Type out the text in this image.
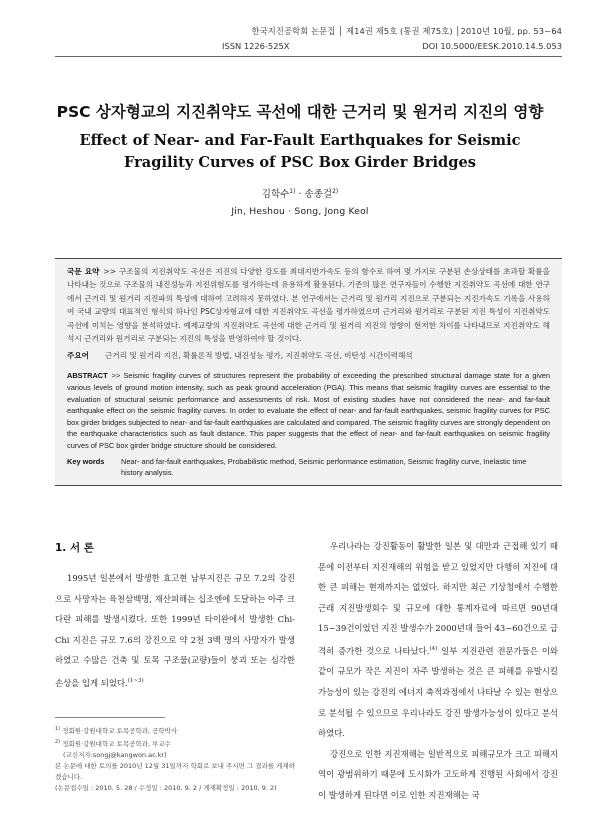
한국지진공학회 논문집 │ 제14권 제5호 (통권 제75호) │2010년 10월, pp. 53~64
ISSN 1226-525X	DOI 10.5000/EESK.2010.14.5.053
PSC 상자형교의 지진취약도 곡선에 대한 근거리 및 원거리 지진의 영향
Effect of Near- and Far-Fault Earthquakes for Seismic
Fragility Curves of PSC Box Girder Bridges
김학수$^{1)}$ · 송종걸$^{2)}$
Jin, Heshou · Song, Jong Keol
국문 요약 >> 구조물의 지진취약도 곡선은 지진의 다양한 강도를 최대지반가속도 등의 함수로 하여 몇 가지로 구분된 손상상태를 초과할 확률을 나타내는 것으로 구조물의 내진성능과 지진위험도를 평가하는데 유용하게 활용된다. 기존의 많은 연구자들이 수행한 지진취약도 곡선에 대한 연구에서 근거리 및 원거리 지진파의 특성에 대하여 고려하지 못하였다. 본 연구에서는 근거리 및 원거리 지진으로 구분되는 지진가속도 기록을 사용하여 국내 교량의 대표적인 형식의 하나인 PSC상자형교에 대한 지진취약도 곡선을 평가하였으며 근거리와 원거리로 구분된 지진 특성이 지진취약도 곡선에 미치는 영향을 분석하였다. 예제교량의 지진취약도 곡선에 대한 근거리 및 원거리 지진의 영향이 현저한 차이를 나타내므로 지진취약도 해석시 근거리와 원거리로 구분되는 지진의 특성을 반영하여야 할 것이다.
주요어	근거리 및 원거리 지진, 확률론적 방법, 내진성능 평가, 지진취약도 곡선, 비탄성 시간이력해석
ABSTRACT >> Seismic fragility curves of structures represent the probability of exceeding the prescribed structural damage state for a given various levels of ground motion intensity, such as peak ground acceleration (PGA). This means that seismic fragility curves are essential to the evaluation of structural seismic performance and assessments of risk. Most of existing studies have not considered the near- and far-fault earthquake effect on the seismic fragility curves. In order to evaluate the effect of near- and far-fault earthquakes, seismic fragility curves for PSC box girder bridges subjected to near- and far-fault earthquakes are calculated and compared. The seismic fragility curves are strongly dependent on the earthquake characteristics such as fault distance. This paper suggests that the effect of near- and far-fault earthquakes on seismic fragility curves of PSC box girder bridge structure should be considered.
Key words	Near- and far-fault earthquakes, Probabilistic method, Seismic performance estimation, Seismic fragility curve, Inelastic time history analysis.
1. 서 론

1995년 일본에서 발생한 효고현 남부지진은 규모 7.2의 강진으로 사망자는 육천삼백명, 재산피해는 십조엔에 도달하는 아주 크다란 피해를 발생시켰다. 또한 1999년 타이완에서 발생한 Chi-Chi 지진은 규모 7.6의 강진으로 약 2천 3백 명의 사망자가 발생하였고 수많은 건축 및 토목 구조물(교량)들이 붕괴 또는 심각한 손상을 입게 되었다.$^{(1\sim 3)}$

$^{1)}$ 정회원·강원대학교 토목공학과, 공학박사
$^{2)}$ 정회원·강원대학교 토목공학과, 부교수
(교신저자:songj@kangwon.ac.kr)
본 논문에 대한 토의를 2010년 12월 31일까지 학회로 보내 주시면 그 결과를 게재하겠습니다.
(논문접수일 : 2010. 5. 28 / 수정일 : 2010. 9. 2 / 게재확정일 : 2010. 9. 2)

우리나라는 강진활동이 활발한 일본 및 대만과 근접해 있기 때문에 이전부터 지진재해의 위험을 받고 있었지만 다행히 지진에 대한 큰 피해는 현재까지는 없었다. 하지만 최근 기상청에서 수행한 근래 지진발생회수 및 규모에 대한 통계자료에 따르면 90년대 15~39건이었던 지진 발생수가 2000년대 들어 43~60건으로 급격히 증가한 것으로 나타났다.$^{(4)}$ 일부 지진관련 전문가들은 이와 같이 규모가 작은 지진이 자주 발생하는 것은 큰 피해를 유발시킬 가능성이 있는 강진의 에너지 축적과정에서 나타날 수 있는 현상으로 분석될 수 있으므로 우리나라도 강진 발생가능성이 있다고 분석하였다.

강진으로 인한 지진재해는 일반적으로 피해규모가 크고 피해지역이 광범위하기 때문에 도시화가 고도하게 진행된 사회에서 강진이 발생하게 된다면 이로 인한 지진재해는 국
